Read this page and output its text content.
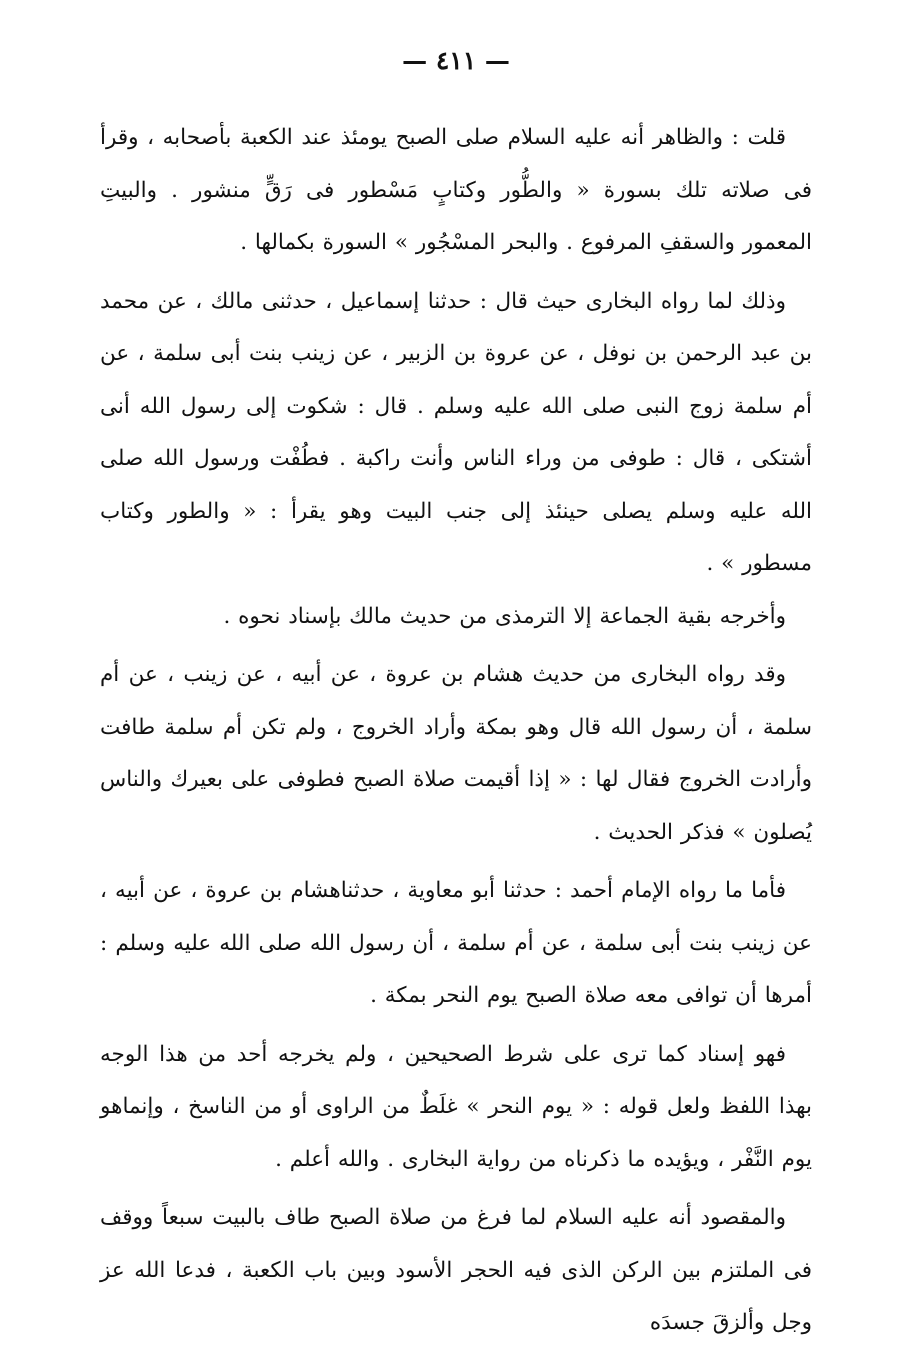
— ٤١١ —

قلت : والظاهر أنه عليه السلام صلى الصبح يومئذ عند الكعبة بأصحابه ، وقرأ فى صلاته تلك بسورة « والطُّور وكتابٍ مَسْطور فى رَقٍّ منشور . والبيتِ المعمور والسقفِ المرفوع . والبحر المسْجُور » السورة بكمالها .

وذلك لما رواه البخارى حيث قال : حدثنا إسماعيل ، حدثنى مالك ، عن محمد بن عبد الرحمن بن نوفل ، عن عروة بن الزبير ، عن زينب بنت أبى سلمة ، عن أم سلمة زوج النبى صلى الله عليه وسلم . قال : شكوت إلى رسول الله أنى أشتكى ، قال : طوفى من وراء الناس وأنت راكبة . فطُفْت ورسول الله صلى الله عليه وسلم يصلى حينئذ إلى جنب البيت وهو يقرأ : « والطور وكتاب مسطور » .

وأخرجه بقية الجماعة إلا الترمذى من حديث مالك بإسناد نحوه .

وقد رواه البخارى من حديث هشام بن عروة ، عن أبيه ، عن زينب ، عن أم سلمة ، أن رسول الله قال وهو بمكة وأراد الخروج ، ولم تكن أم سلمة طافت وأرادت الخروج فقال لها : « إذا أقيمت صلاة الصبح فطوفى على بعيرك والناس يُصلون » فذكر الحديث .

فأما ما رواه الإمام أحمد : حدثنا أبو معاوية ، حدثناهشام بن عروة ، عن أبيه ، عن زينب بنت أبى سلمة ، عن أم سلمة ، أن رسول الله صلى الله عليه وسلم : أمرها أن توافى معه صلاة الصبح يوم النحر بمكة .

فهو إسناد كما ترى على شرط الصحيحين ، ولم يخرجه أحد من هذا الوجه بهذا اللفظ ولعل قوله : « يوم النحر » غلَطٌ من الراوى أو من الناسخ ، وإنماهو يوم النَّفْر ، ويؤيده ما ذكرناه من رواية البخارى . والله أعلم .

والمقصود أنه عليه السلام لما فرغ من صلاة الصبح طاف بالبيت سبعاً ووقف فى الملتزم بين الركن الذى فيه الحجر الأسود وبين باب الكعبة ، فدعا الله عز وجل وألزقَ جسدَه
